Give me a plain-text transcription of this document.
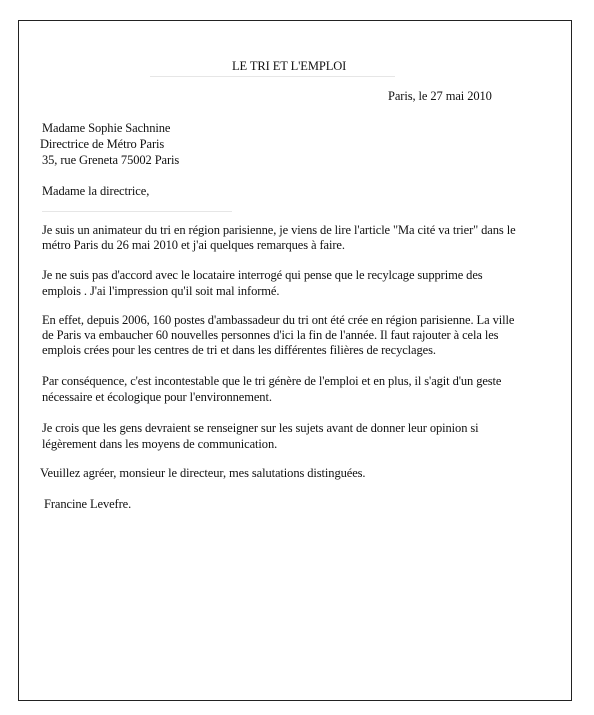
LE TRI ET L'EMPLOI
Paris, le 27 mai 2010
Madame Sophie Sachnine
Directrice de Métro Paris
35, rue Greneta 75002 Paris
Madame la directrice,
Je suis un animateur du tri en région parisienne, je viens de lire l'article "Ma cité va trier" dans le
métro Paris du 26 mai 2010 et j'ai quelques remarques à faire.
Je ne suis pas d'accord avec le locataire interrogé qui pense que le recylcage supprime des
emplois . J'ai l'impression qu'il soit mal informé.
En effet, depuis 2006, 160 postes d'ambassadeur du tri ont été crée en région parisienne. La ville
de Paris va embaucher 60 nouvelles personnes d'ici la fin de l'année. Il faut rajouter à cela les
emplois crées pour les centres de tri et dans les différentes filières de recyclages.
Par conséquence, c'est incontestable que le tri génère de l'emploi et en plus, il s'agit d'un geste
nécessaire et écologique pour l'environnement.
Je crois que les gens devraient se renseigner sur les sujets avant de donner leur opinion si
légèrement dans les moyens de communication.
Veuillez agréer, monsieur le directeur, mes salutations distinguées.
Francine Levefre.
